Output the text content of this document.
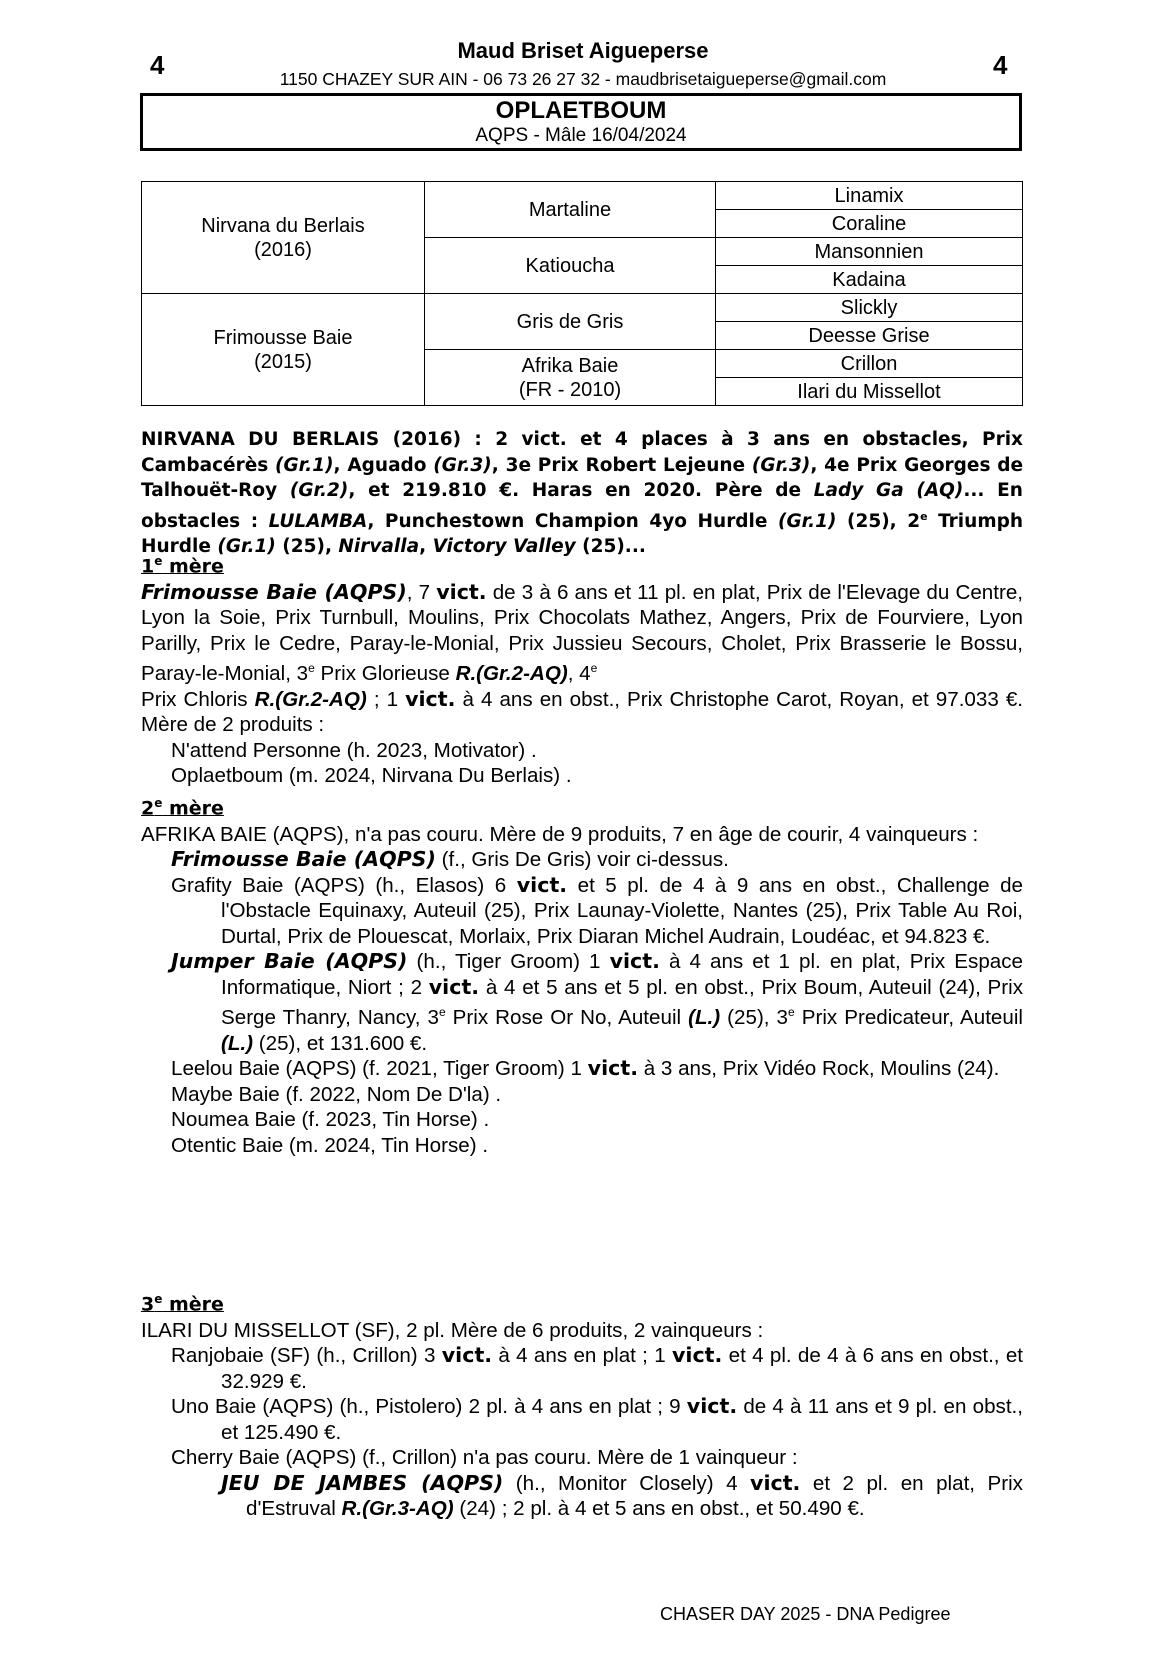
4	4
Maud Briset Aigueperse
1150 CHAZEY SUR AIN - 06 73 26 27 32 - maudbrisetaigueperse@gmail.com
OPLAETBOUM
AQPS - Mâle 16/04/2024
Nirvana du Berlais
(2016)	Martaline	Linamix
		Coraline
	Katioucha	Mansonnien
		Kadaina

Frimousse Baie
(2015)	Gris de Gris	Slickly
		Deesse Grise

	Afrika Baie
(FR - 2010)	Crillon
		Ilari du Missellot
NIRVANA DU BERLAIS (2016) : 2 vict. et 4 places à 3 ans en obstacles, Prix Cambacérès (Gr.1), Aguado (Gr.3), 3e Prix Robert Lejeune (Gr.3), 4e Prix Georges de Talhouët-Roy (Gr.2), et 219.810 €. Haras en 2020. Père de Lady Ga (AQ)... En obstacles : LULAMBA, Punchestown Champion 4yo Hurdle (Gr.1) (25), 2e Triumph Hurdle (Gr.1) (25), Nirvalla, Victory Valley (25)...

1e mère

Frimousse Baie (AQPS), 7 vict. de 3 à 6 ans et 11 pl. en plat, Prix de l'Elevage du Centre, Lyon la Soie, Prix Turnbull, Moulins, Prix Chocolats Mathez, Angers, Prix de Fourviere, Lyon Parilly, Prix le Cedre, Paray-le-Monial, Prix Jussieu Secours, Cholet, Prix Brasserie le Bossu, Paray-le-Monial, 3e Prix Glorieuse R.(Gr.2-AQ), 4e
Prix Chloris R.(Gr.2-AQ) ; 1 vict. à 4 ans en obst., Prix Christophe Carot, Royan, et 97.033 €. Mère de 2 produits :

N'attend Personne (h. 2023, Motivator) .

Oplaetboum (m. 2024, Nirvana Du Berlais) .

2e mère

AFRIKA BAIE (AQPS), n'a pas couru. Mère de 9 produits, 7 en âge de courir, 4 vainqueurs :

Frimousse Baie (AQPS) (f., Gris De Gris) voir ci-dessus.

Grafity Baie (AQPS) (h., Elasos) 6 vict. et 5 pl. de 4 à 9 ans en obst., Challenge de l'Obstacle Equinaxy, Auteuil (25), Prix Launay-Violette, Nantes (25), Prix Table Au Roi, Durtal, Prix de Plouescat, Morlaix, Prix Diaran Michel Audrain, Loudéac, et 94.823 €.

Jumper Baie (AQPS) (h., Tiger Groom) 1 vict. à 4 ans et 1 pl. en plat, Prix Espace Informatique, Niort ; 2 vict. à 4 et 5 ans et 5 pl. en obst., Prix Boum, Auteuil (24), Prix Serge Thanry, Nancy, 3e Prix Rose Or No, Auteuil (L.) (25), 3e Prix Predicateur, Auteuil (L.) (25), et 131.600 €.

Leelou Baie (AQPS) (f. 2021, Tiger Groom) 1 vict. à 3 ans, Prix Vidéo Rock, Moulins (24).

Maybe Baie (f. 2022, Nom De D'la) .

Noumea Baie (f. 2023, Tin Horse) .

Otentic Baie (m. 2024, Tin Horse) .

3e mère

ILARI DU MISSELLOT (SF), 2 pl. Mère de 6 produits, 2 vainqueurs :

Ranjobaie (SF) (h., Crillon) 3 vict. à 4 ans en plat ; 1 vict. et 4 pl. de 4 à 6 ans en obst., et 32.929 €.

Uno Baie (AQPS) (h., Pistolero) 2 pl. à 4 ans en plat ; 9 vict. de 4 à 11 ans et 9 pl. en obst., et 125.490 €.

Cherry Baie (AQPS) (f., Crillon) n'a pas couru. Mère de 1 vainqueur :

JEU DE JAMBES (AQPS) (h., Monitor Closely) 4 vict. et 2 pl. en plat, Prix d'Estruval R.(Gr.3-AQ) (24) ; 2 pl. à 4 et 5 ans en obst., et 50.490 €.

CHASER DAY 2025 - DNA Pedigree
